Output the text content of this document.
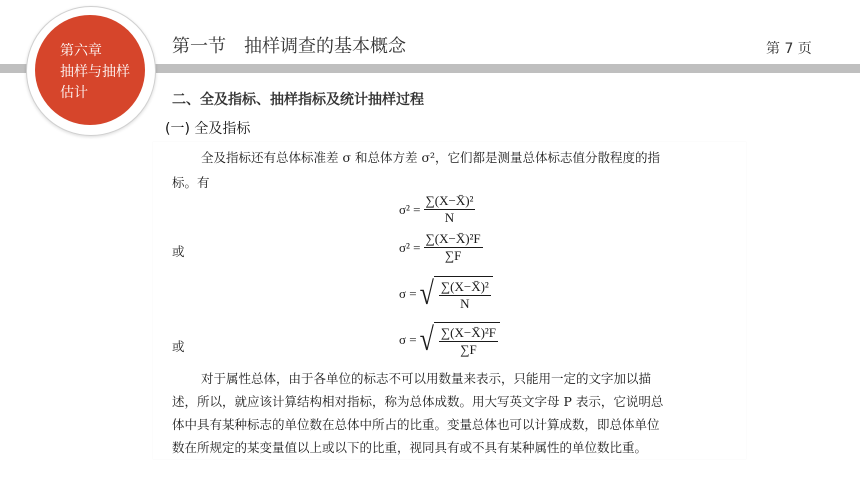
第六章
抽样与抽样
估计
第一节　抽样调查的基本概念	第 7 页
二、全及指标、抽样指标及统计抽样过程
(一) 全及指标
全及指标还有总体标准差 σ 和总体方差 σ²，它们都是测量总体标志值分散程度的指
标。有
$\sigma^2 = \frac{\text{∑(X−X̄)²}}{N}$
或	$\sigma^2 = \frac{\text{∑(X−X̄)²F}}{\sum F}$
σ = √ $\frac{\text{∑(X−X̄)²}}{N}$
或	σ = √ $\frac{\text{∑(X−X̄)²F}}{\sum F}$
对于属性总体，由于各单位的标志不可以用数量来表示，只能用一定的文字加以描
述，所以，就应该计算结构相对指标，称为总体成数。用大写英文字母 P 表示，它说明总
体中具有某种标志的单位数在总体中所占的比重。变量总体也可以计算成数，即总体单位
数在所规定的某变量值以上或以下的比重，视同具有或不具有某种属性的单位数比重。
